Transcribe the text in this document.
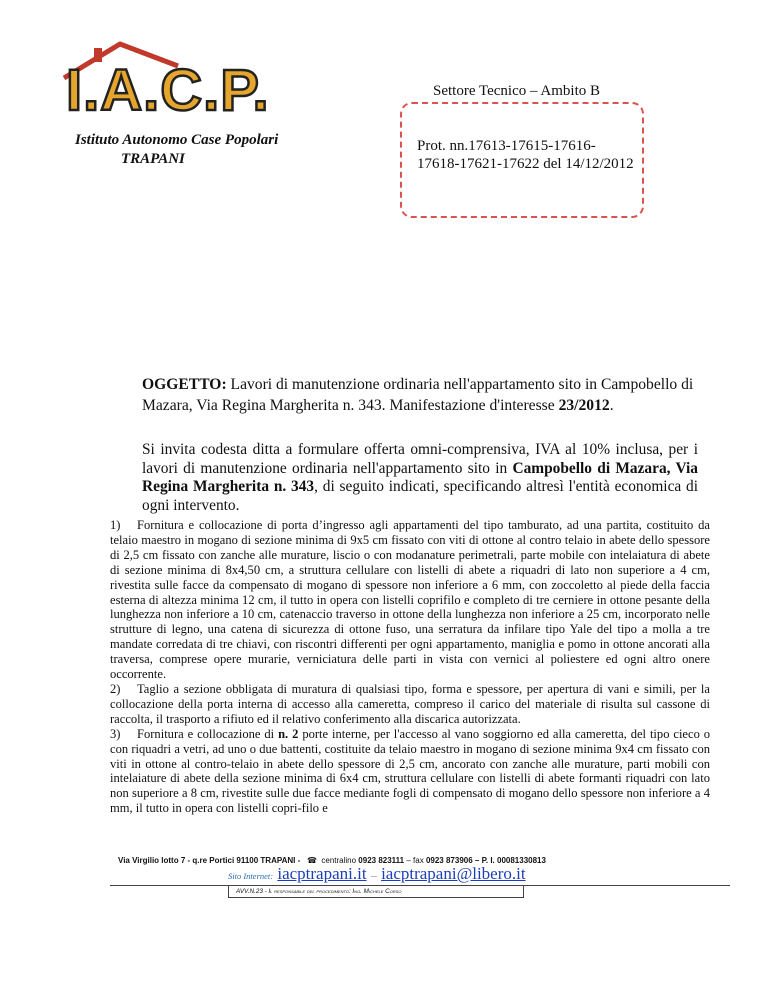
I.A.C.P.	Settore Tecnico – Ambito B
Istituto Autonomo Case Popolari
TRAPANI
Prot. nn.17613-17615-17616-17618-17621-17622 del 14/12/2012
OGGETTO: Lavori di manutenzione ordinaria nell'appartamento sito in Campobello di Mazara, Via Regina Margherita n. 343. Manifestazione d'interesse 23/2012.
Si invita codesta ditta a formulare offerta omni-comprensiva, IVA al 10% inclusa, per i lavori di manutenzione ordinaria nell'appartamento sito in Campobello di Mazara, Via Regina Margherita n. 343, di seguito indicati, specificando altresì l'entità economica di ogni intervento.

1) Fornitura e collocazione di porta d’ingresso agli appartamenti del tipo tamburato, ad una partita, costituito da telaio maestro in mogano di sezione minima di 9x5 cm fissato con viti di ottone al contro telaio in abete dello spessore di 2,5 cm fissato con zanche alle murature, liscio o con modanature perimetrali, parte mobile con intelaiatura di abete di sezione minima di 8x4,50 cm, a struttura cellulare con listelli di abete a riquadri di lato non superiore a 4 cm, rivestita sulle facce da compensato di mogano di spessore non inferiore a 6 mm, con zoccoletto al piede della faccia esterna di altezza minima 12 cm, il tutto in opera con listelli coprifilo e completo di tre cerniere in ottone pesante della lunghezza non inferiore a 10 cm, catenaccio traverso in ottone della lunghezza non inferiore a 25 cm, incorporato nelle strutture di legno, una catena di sicurezza di ottone fuso, una serratura da infilare tipo Yale del tipo a molla a tre mandate corredata di tre chiavi, con riscontri differenti per ogni appartamento, maniglia e pomo in ottone ancorati alla traversa, comprese opere murarie, verniciatura delle parti in vista con vernici al poliestere ed ogni altro onere occorrente.

2) Taglio a sezione obbligata di muratura di qualsiasi tipo, forma e spessore, per apertura di vani e simili, per la collocazione della porta interna di accesso alla cameretta, compreso il carico del materiale di risulta sul cassone di raccolta, il trasporto a rifiuto ed il relativo conferimento alla discarica autorizzata.

3) Fornitura e collocazione di n. 2 porte interne, per l'accesso al vano soggiorno ed alla cameretta, del tipo cieco o con riquadri a vetri, ad uno o due battenti, costituite da telaio maestro in mogano di sezione minima 9x4 cm fissato con viti in ottone al contro-telaio in abete dello spessore di 2,5 cm, ancorato con zanche alle murature, parti mobili con intelaiature di abete della sezione minima di 6x4 cm, struttura cellulare con listelli di abete formanti riquadri con lato non superiore a 8 cm, rivestite sulle due facce mediante fogli di compensato di mogano dello spessore non inferiore a 4 mm, il tutto in opera con listelli copri-filo e

Via Virgilio lotto 7 - q.re Portici 91100 TRAPANI - ☎ centralino 0923 823111 – fax 0923 873906 – P. I. 00081330813
Sito Internet: iacptrapani.it – iacptrapani@libero.it
AVV.N.23 - Il responsabile del procedimento: Ing. Michele Corso
